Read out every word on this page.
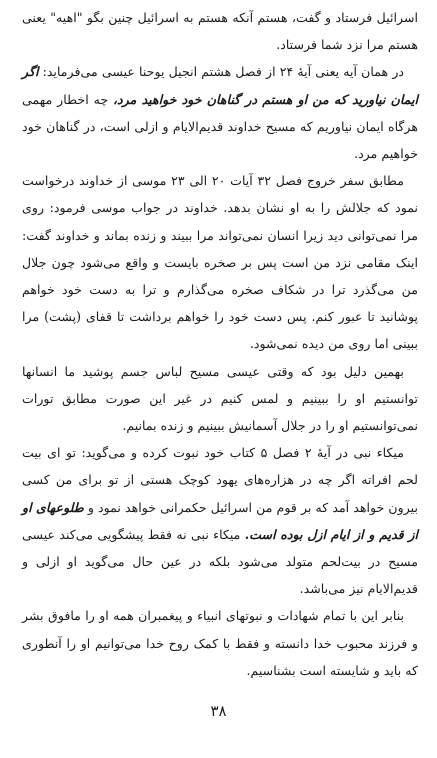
اسرائیل فرستاد و گفت، هستم آنکه هستم به اسرائیل چنین بگو "اهیه" یعنی هستم مرا نزد شما فرستاد.

در همان آیه یعنی آیهٔ ۲۴ از فصل هشتم انجیل یوحنا عیسی می‌فرماید: اگر ایمان نیاورید که من او هستم در گناهان خود خواهید مرد، چه اخطار مهمی هرگاه ایمان نیاوریم که مسیح خداوند قدیم‌الایام و ازلی است، در گناهان خود خواهیم مرد.

مطابق سفر خروج فصل ۳۲ آیات ۲۰ الی ۲۳ موسی از خداوند درخواست نمود که جلالش را به او نشان بدهد. خداوند در جواب موسی فرمود: روی مرا نمی‌توانی دید زیرا انسان نمی‌تواند مرا ببیند و زنده بماند و خداوند گفت: اینک مقامی نزد من است پس بر صخره بایست و واقع می‌شود چون جلال من می‌گذرد ترا در شکاف صخره می‌گذارم و ترا به دست خود خواهم پوشانید تا عبور کنم. پس دست خود را خواهم برداشت تا قفای (پشت) مرا ببینی اما روی من دیده نمی‌شود.

بهمین دلیل بود که وقتی عیسی مسیح لباس جسم پوشید ما انسانها توانستیم او را ببینیم و لمس کنیم در غیر این صورت مطابق تورات نمی‌توانستیم او را در جلال آسمانیش ببینیم و زنده بمانیم.

میکاء نبی در آیهٔ ۲ فصل ۵ کتاب خود نبوت کرده و می‌گوید: تو ای بیت لحم افراته اگر چه در هزاره‌های یهود کوچک هستی از تو برای من کسی بیرون خواهد آمد که بر قوم من اسرائیل حکمرانی خواهد نمود و طلوعهای او از قدیم و از ایام ازل بوده است. میکاء نبی نه فقط پیشگویی می‌کند عیسی مسیح در بیت‌لحم متولد می‌شود بلکه در عین حال می‌گوید او ازلی و قدیم‌الایام نیز می‌باشد.

بنابر این با تمام شهادات و نبوتهای انبیاء و پیغمبران همه او را مافوق بشر و فرزند محبوب خدا دانسته و فقط با کمک روح خدا می‌توانیم او را آنطوری که باید و شایسته است بشناسیم.

۳۸
